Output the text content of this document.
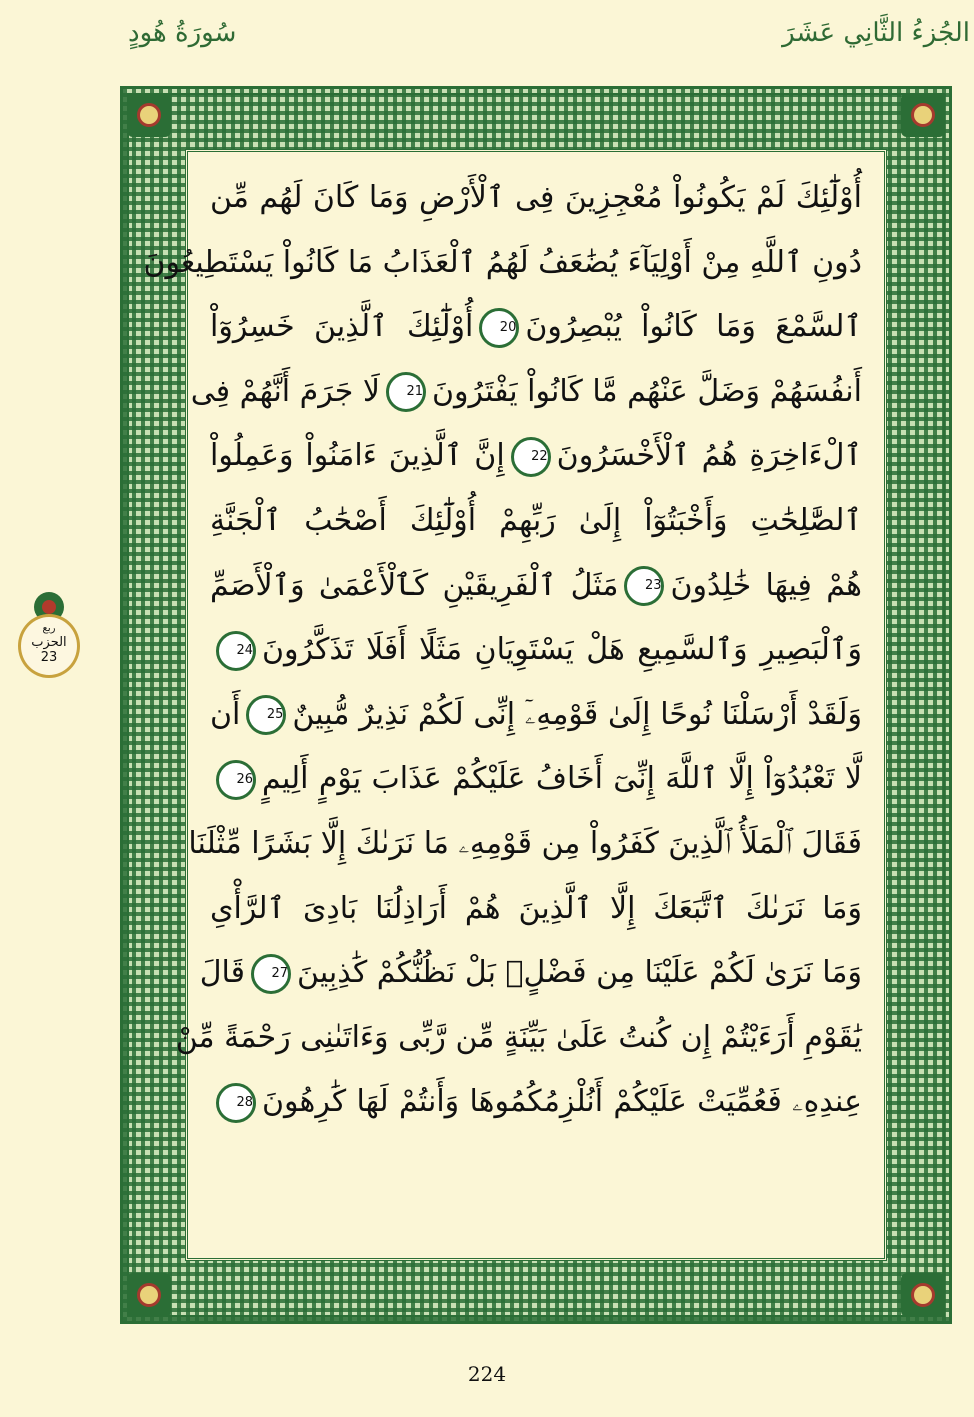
سُورَةُ هُودٍ	الجُزءُ الثَّانِي عَشَرَ
ربع
الحزب
23
أُوْلَٰٓئِكَ لَمْ يَكُونُواْ مُعْجِزِينَ فِى ٱلْأَرْضِ وَمَا كَانَ لَهُم مِّن
دُونِ ٱللَّهِ مِنْ أَوْلِيَآءَ يُضَٰعَفُ لَهُمُ ٱلْعَذَابُ مَا كَانُواْ يَسْتَطِيعُونَ
ٱلسَّمْعَ وَمَا كَانُواْ يُبْصِرُونَ20أُوْلَٰٓئِكَ ٱلَّذِينَ خَسِرُوٓاْ
أَنفُسَهُمْ وَضَلَّ عَنْهُم مَّا كَانُواْ يَفْتَرُونَ21لَا جَرَمَ أَنَّهُمْ فِى
ٱلْءَاخِرَةِ هُمُ ٱلْأَخْسَرُونَ22إِنَّ ٱلَّذِينَ ءَامَنُواْ وَعَمِلُواْ
ٱلصَّٰلِحَٰتِ وَأَخْبَتُوٓاْ إِلَىٰ رَبِّهِمْ أُوْلَٰٓئِكَ أَصْحَٰبُ ٱلْجَنَّةِ
هُمْ فِيهَا خَٰلِدُونَ23مَثَلُ ٱلْفَرِيقَيْنِ كَٱلْأَعْمَىٰ وَٱلْأَصَمِّ
وَٱلْبَصِيرِ وَٱلسَّمِيعِ هَلْ يَسْتَوِيَانِ مَثَلًا أَفَلَا تَذَكَّرُونَ24
وَلَقَدْ أَرْسَلْنَا نُوحًا إِلَىٰ قَوْمِهِۦٓ إِنِّى لَكُمْ نَذِيرٌ مُّبِينٌ25أَن
لَّا تَعْبُدُوٓاْ إِلَّا ٱللَّهَ إِنِّىٓ أَخَافُ عَلَيْكُمْ عَذَابَ يَوْمٍ أَلِيمٍ26
فَقَالَ ٱلْمَلَأُ ٱلَّذِينَ كَفَرُواْ مِن قَوْمِهِۦ مَا نَرَىٰكَ إِلَّا بَشَرًا مِّثْلَنَا
وَمَا نَرَىٰكَ ٱتَّبَعَكَ إِلَّا ٱلَّذِينَ هُمْ أَرَاذِلُنَا بَادِىَ ٱلرَّأْىِ
وَمَا نَرَىٰ لَكُمْ عَلَيْنَا مِن فَضْلٍۭ بَلْ نَظُنُّكُمْ كَٰذِبِينَ27قَالَ
يَٰقَوْمِ أَرَءَيْتُمْ إِن كُنتُ عَلَىٰ بَيِّنَةٍ مِّن رَّبِّى وَءَاتَىٰنِى رَحْمَةً مِّنْ
عِندِهِۦ فَعُمِّيَتْ عَلَيْكُمْ أَنُلْزِمُكُمُوهَا وَأَنتُمْ لَهَا كَٰرِهُونَ28
224
